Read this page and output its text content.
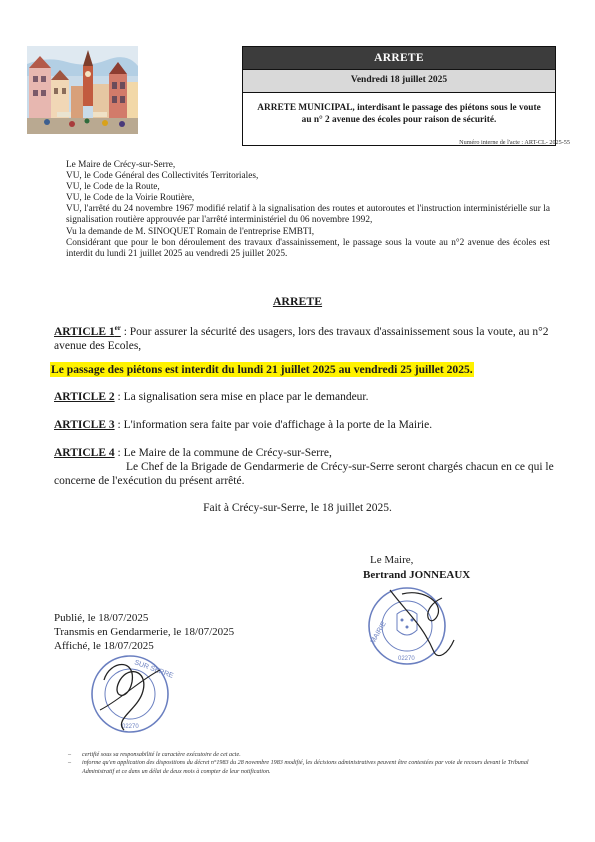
ARRETE
Vendredi 18 juillet 2025
ARRETE MUNICIPAL, interdisant le passage des piétons sous le voute au n° 2 avenue des écoles pour raison de sécurité.
Numéro interne de l'acte : ART-CL- 2025-55
Le Maire de Crécy-sur-Serre,
VU, le Code Général des Collectivités Territoriales,
VU, le Code de la Route,
VU, le Code de la Voirie Routière,
VU, l'arrêté du 24 novembre 1967 modifié relatif à la signalisation des routes et autoroutes et l'instruction interministérielle sur la signalisation routière approuvée par l'arrêté interministériel du 06 novembre 1992,
Vu la demande de M. SINOQUET Romain de l'entreprise EMBTI,
Considérant que pour le bon déroulement des travaux d'assainissement, le passage sous la voute au n°2 avenue des écoles est interdit du lundi 21 juillet 2025 au vendredi 25 juillet 2025.
ARRETE
ARTICLE 1er : Pour assurer la sécurité des usagers, lors des travaux d'assainissement sous la voute, au n°2 avenue des Ecoles,
Le passage des piétons est interdit du lundi 21 juillet 2025 au vendredi 25 juillet 2025.
ARTICLE 2 : La signalisation sera mise en place par le demandeur.
ARTICLE 3 : L'information sera faite par voie d'affichage à la porte de la Mairie.
ARTICLE 4 : Le Maire de la commune de Crécy-sur-Serre,
Le Chef de la Brigade de Gendarmerie de Crécy-sur-Serre seront chargés chacun en ce qui le concerne de l'exécution du présent arrêté.
Fait à Crécy-sur-Serre, le 18 juillet 2025.
Le Maire,
Bertrand JONNEAUX
Publié, le 18/07/2025
Transmis en Gendarmerie, le 18/07/2025
Affiché, le 18/07/2025
MAIRIE
02270
SUR SERRE
02270
– certifié sous sa responsabilité le caractère exécutoire de cet acte.
– informe qu'en application des dispositions du décret n°1983 du 28 novembre 1983 modifié, les décisions administratives peuvent être contestées par voie de recours devant le Tribunal Administratif et ce dans un délai de deux mois à compter de leur notification.
